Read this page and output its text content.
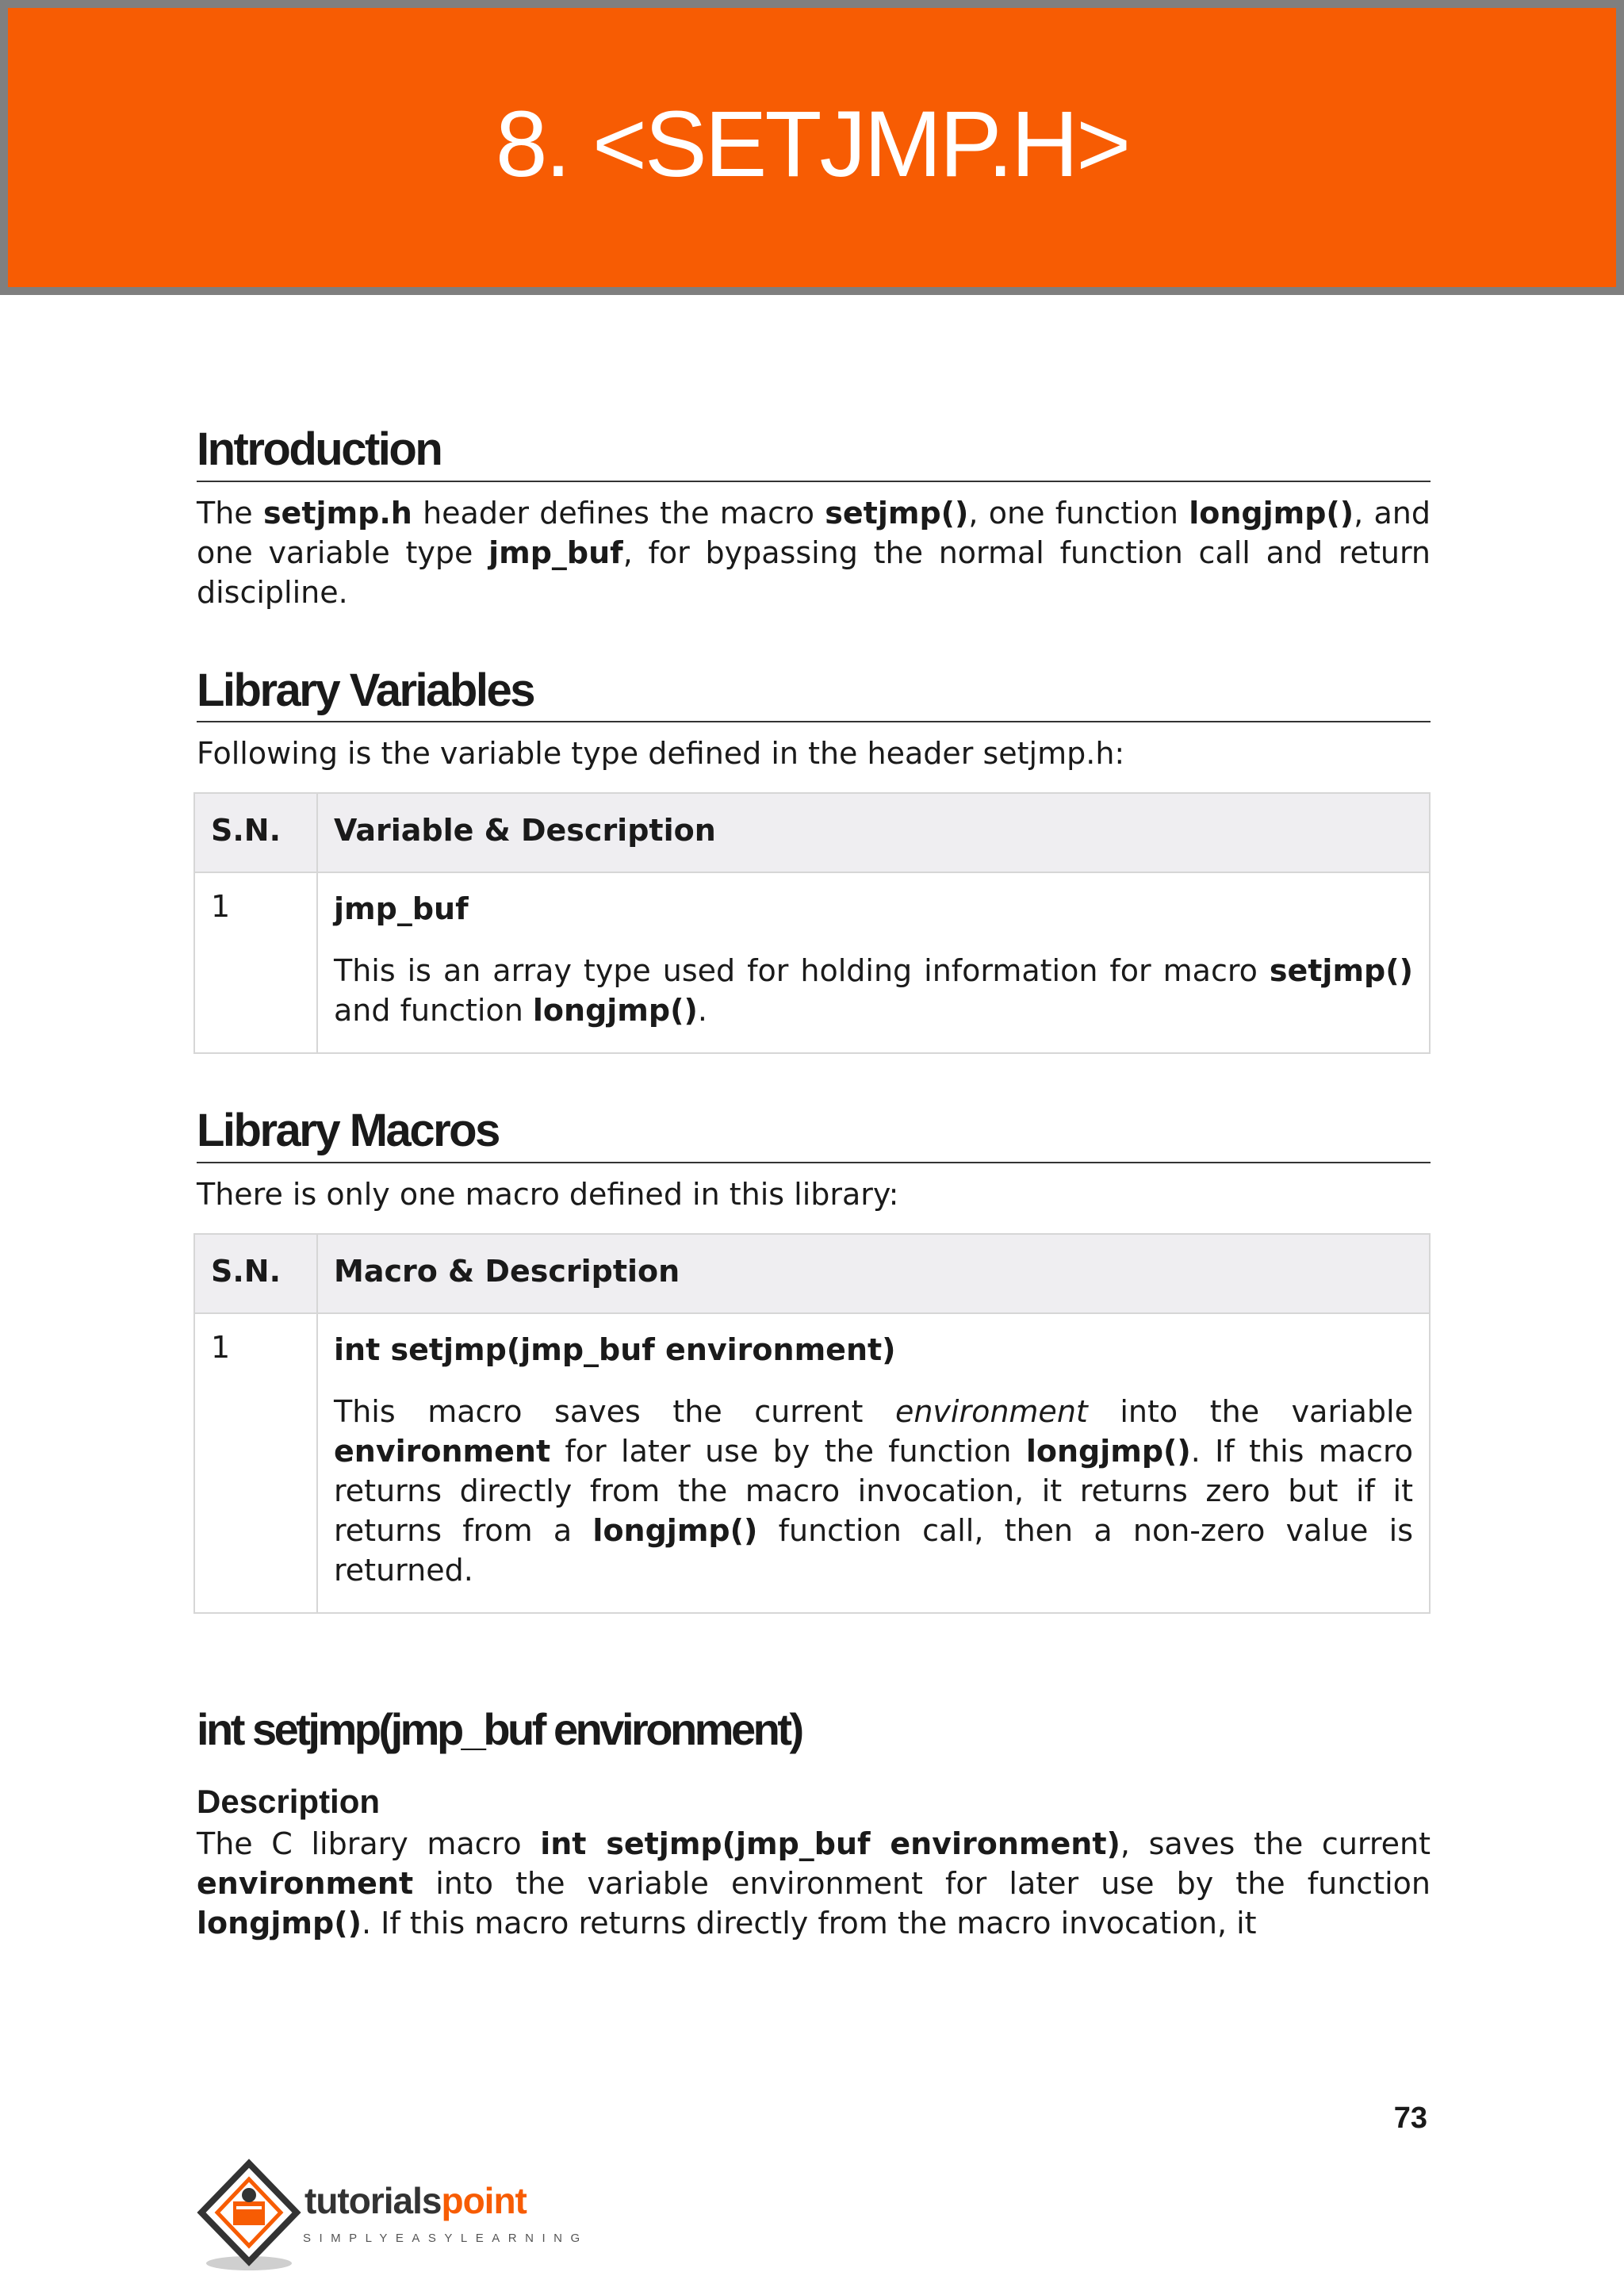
8. <SETJMP.H>
Introduction

The setjmp.h header defines the macro setjmp(), one function longjmp(), and one variable type jmp_buf, for bypassing the normal function call and return discipline.

Library Variables

Following is the variable type defined in the header setjmp.h:

S.N.	Variable & Description
1	jmp_buf
This is an array type used for holding information for macro setjmp() and function longjmp().
Library Macros

There is only one macro defined in this library:

S.N.	Macro & Description
1	int setjmp(jmp_buf environment)
This macro saves the current environment into the variable environment for later use by the function longjmp(). If this macro returns directly from the macro invocation, it returns zero but if it returns from a longjmp() function call, then a non-zero value is returned.
int setjmp(jmp_buf environment)
Description

The C library macro int setjmp(jmp_buf environment), saves the current environment into the variable environment for later use by the function longjmp(). If this macro returns directly from the macro invocation, it

73
tutorialspoint
SIMPLYEASYLEARNING
